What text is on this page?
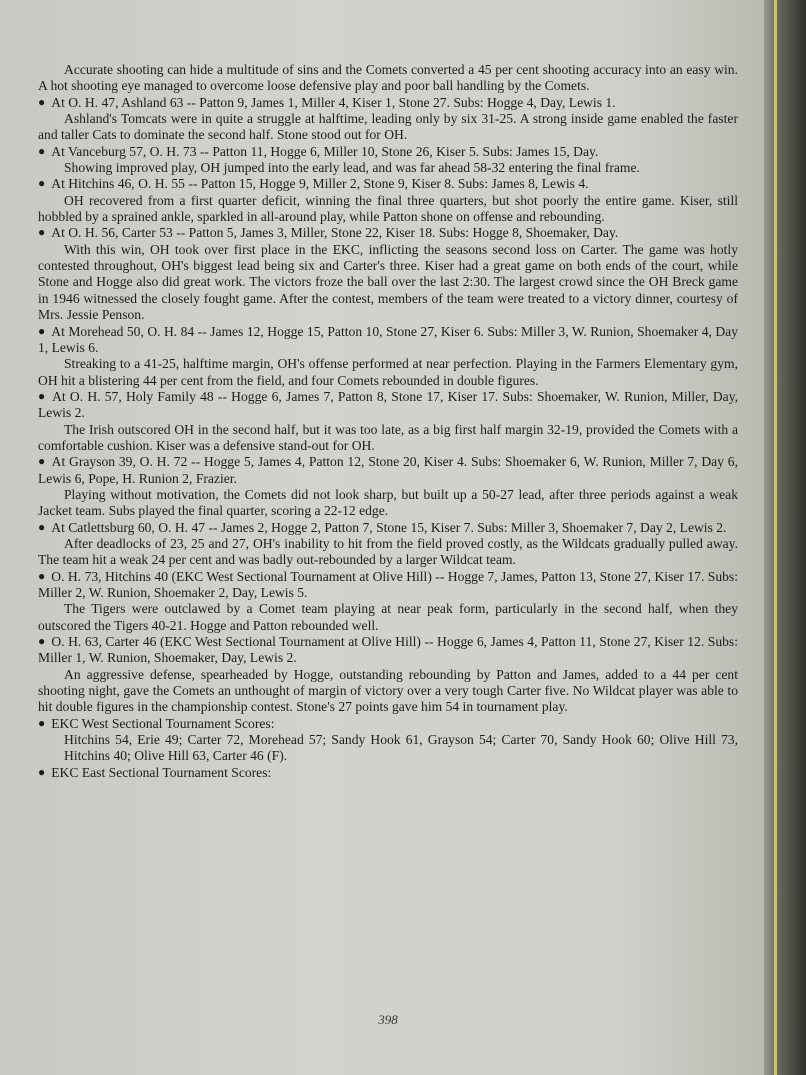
Accurate shooting can hide a multitude of sins and the Comets converted a 45 per cent shooting accuracy into an easy win. A hot shooting eye managed to overcome loose defensive play and poor ball handling by the Comets.

● At O. H. 47, Ashland 63 -- Patton 9, James 1, Miller 4, Kiser 1, Stone 27. Subs: Hogge 4, Day, Lewis 1.

Ashland's Tomcats were in quite a struggle at halftime, leading only by six 31-25. A strong inside game enabled the faster and taller Cats to dominate the second half. Stone stood out for OH.

● At Vanceburg 57, O. H. 73 -- Patton 11, Hogge 6, Miller 10, Stone 26, Kiser 5. Subs: James 15, Day.

Showing improved play, OH jumped into the early lead, and was far ahead 58-32 entering the final frame.

● At Hitchins 46, O. H. 55 -- Patton 15, Hogge 9, Miller 2, Stone 9, Kiser 8. Subs: James 8, Lewis 4.

OH recovered from a first quarter deficit, winning the final three quarters, but shot poorly the entire game. Kiser, still hobbled by a sprained ankle, sparkled in all-around play, while Patton shone on offense and rebounding.

● At O. H. 56, Carter 53 -- Patton 5, James 3, Miller, Stone 22, Kiser 18. Subs: Hogge 8, Shoemaker, Day.

With this win, OH took over first place in the EKC, inflicting the seasons second loss on Carter. The game was hotly contested throughout, OH's biggest lead being six and Carter's three. Kiser had a great game on both ends of the court, while Stone and Hogge also did great work. The victors froze the ball over the last 2:30. The largest crowd since the OH Breck game in 1946 witnessed the closely fought game. After the contest, members of the team were treated to a victory dinner, courtesy of Mrs. Jessie Penson.

● At Morehead 50, O. H. 84 -- James 12, Hogge 15, Patton 10, Stone 27, Kiser 6. Subs: Miller 3, W. Runion, Shoemaker 4, Day 1, Lewis 6.

Streaking to a 41-25, halftime margin, OH's offense performed at near perfection. Playing in the Farmers Elementary gym, OH hit a blistering 44 per cent from the field, and four Comets rebounded in double figures.

● At O. H. 57, Holy Family 48 -- Hogge 6, James 7, Patton 8, Stone 17, Kiser 17. Subs: Shoemaker, W. Runion, Miller, Day, Lewis 2.

The Irish outscored OH in the second half, but it was too late, as a big first half margin 32-19, provided the Comets with a comfortable cushion. Kiser was a defensive stand-out for OH.

● At Grayson 39, O. H. 72 -- Hogge 5, James 4, Patton 12, Stone 20, Kiser 4. Subs: Shoemaker 6, W. Runion, Miller 7, Day 6, Lewis 6, Pope, H. Runion 2, Frazier.

Playing without motivation, the Comets did not look sharp, but built up a 50-27 lead, after three periods against a weak Jacket team. Subs played the final quarter, scoring a 22-12 edge.

● At Catlettsburg 60, O. H. 47 -- James 2, Hogge 2, Patton 7, Stone 15, Kiser 7. Subs: Miller 3, Shoemaker 7, Day 2, Lewis 2.

After deadlocks of 23, 25 and 27, OH's inability to hit from the field proved costly, as the Wildcats gradually pulled away. The team hit a weak 24 per cent and was badly out-rebounded by a larger Wildcat team.

● O. H. 73, Hitchins 40 (EKC West Sectional Tournament at Olive Hill) -- Hogge 7, James, Patton 13, Stone 27, Kiser 17. Subs: Miller 2, W. Runion, Shoemaker 2, Day, Lewis 5.

The Tigers were outclawed by a Comet team playing at near peak form, particularly in the second half, when they outscored the Tigers 40-21. Hogge and Patton rebounded well.

● O. H. 63, Carter 46 (EKC West Sectional Tournament at Olive Hill) -- Hogge 6, James 4, Patton 11, Stone 27, Kiser 12. Subs: Miller 1, W. Runion, Shoemaker, Day, Lewis 2.

An aggressive defense, spearheaded by Hogge, outstanding rebounding by Patton and James, added to a 44 per cent shooting night, gave the Comets an unthought of margin of victory over a very tough Carter five. No Wildcat player was able to hit double figures in the championship contest. Stone's 27 points gave him 54 in tournament play.

● EKC West Sectional Tournament Scores:

Hitchins 54, Erie 49; Carter 72, Morehead 57; Sandy Hook 61, Grayson 54; Carter 70, Sandy Hook 60; Olive Hill 73, Hitchins 40; Olive Hill 63, Carter 46 (F).

● EKC East Sectional Tournament Scores:

398
